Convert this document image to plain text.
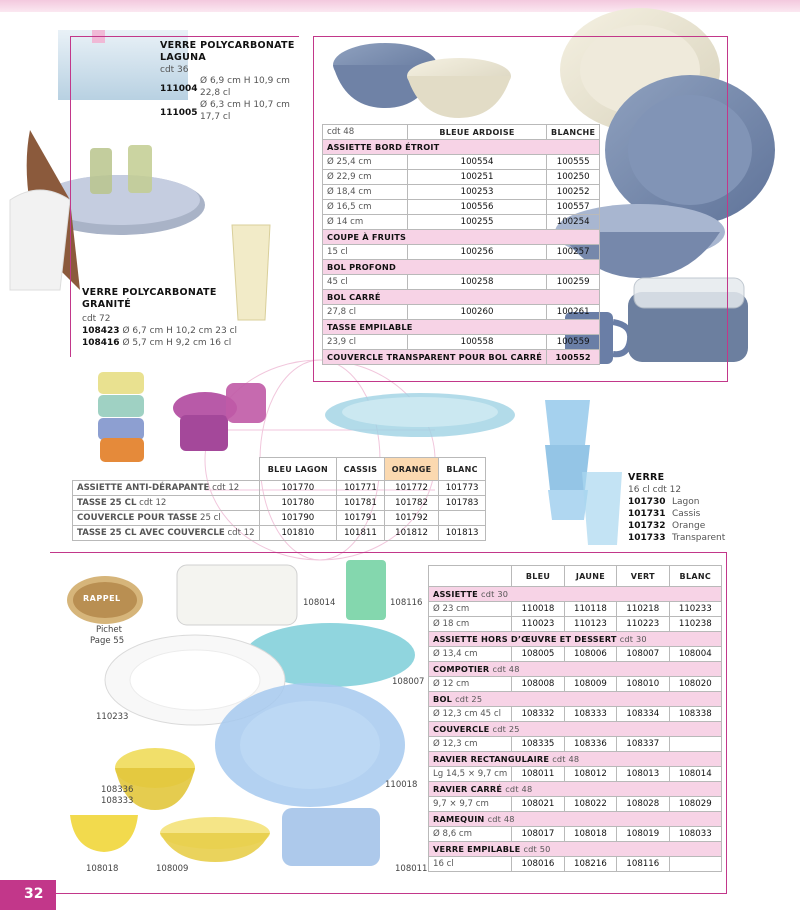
VERRE POLYCARBONATE
LAGUNA
cdt 36
111004
Ø 6,9 cm H 10,9 cm
22,8 cl
111005
Ø 6,3 cm H 10,7 cm
17,7 cl
VERRE POLYCARBONATE
GRANITÉ
cdt 72
108423 Ø 6,7 cm H 10,2 cm 23 cl
108416 Ø 5,7 cm H 9,2 cm 16 cl
cdt 48	BLEUE ARDOISE	BLANCHE
ASSIETTE BORD ÉTROIT		
Ø 25,4 cm	100554	100555
Ø 22,9 cm	100251	100250
Ø 18,4 cm	100253	100252
Ø 16,5 cm	100556	100557
Ø 14 cm	100255	100254
COUPE À FRUITS		
15 cl	100256	100257
BOL PROFOND		
45 cl	100258	100259
BOL CARRÉ		
27,8 cl	100260	100261
TASSE EMPILABLE		
23,9 cl	100558	100559
COUVERCLE TRANSPARENT POUR BOL CARRÉ		100552
	BLEU LAGON	CASSIS	ORANGE	BLANC
ASSIETTE ANTI-DÉRAPANTE cdt 12	101770	101771	101772	101773
TASSE 25 CL cdt 12	101780	101781	101782	101783
COUVERCLE POUR TASSE 25 cl	101790	101791	101792	
TASSE 25 CL AVEC COUVERCLE cdt 12	101810	101811	101812	101813
VERRE
16 cl cdt 12
101730 Lagon
101731 Cassis
101732 Orange
101733 Transparent
RAPPEL
Pichet
Page 55
108014	108116
108007
110233
110018
108336
108333
108018	108009	108011
	BLEU	JAUNE	VERT	BLANC
ASSIETTE cdt 30				
Ø 23 cm	110018	110118	110218	110233
Ø 18 cm	110023	110123	110223	110238
ASSIETTE HORS D’ŒUVRE ET DESSERT cdt 30				
Ø 13,4 cm	108005	108006	108007	108004
COMPOTIER cdt 48				
Ø 12 cm	108008	108009	108010	108020
BOL cdt 25				
Ø 12,3 cm 45 cl	108332	108333	108334	108338
COUVERCLE cdt 25				
Ø 12,3 cm	108335	108336	108337	
RAVIER RECTANGULAIRE cdt 48				
Lg 14,5 × 9,7 cm	108011	108012	108013	108014
RAVIER CARRÉ cdt 48				
9,7 × 9,7 cm	108021	108022	108028	108029
RAMEQUIN cdt 48				
Ø 8,6 cm	108017	108018	108019	108033
VERRE EMPILABLE cdt 50				
16 cl	108016	108216	108116	
32
